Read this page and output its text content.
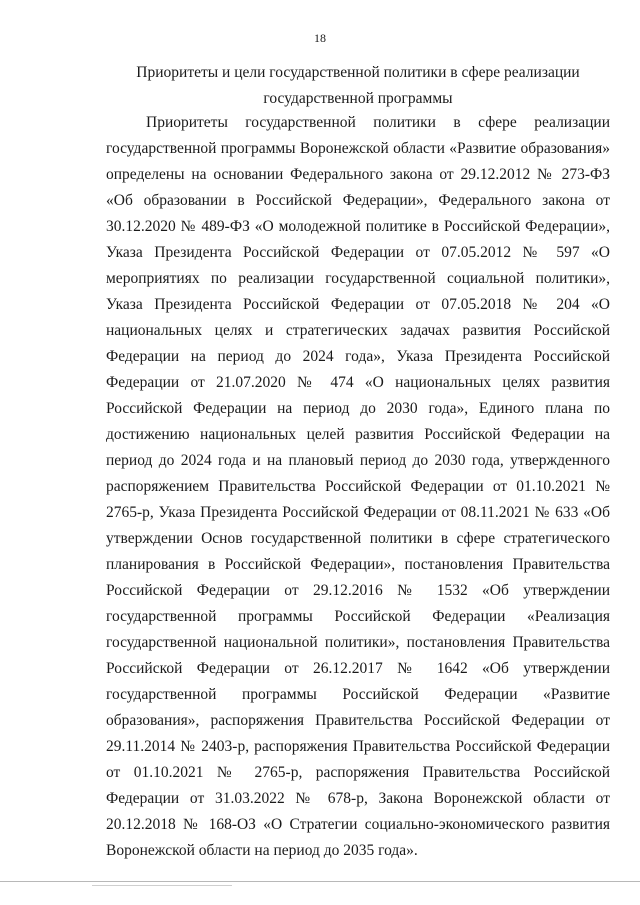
18
Приоритеты и цели государственной политики в сфере реализации государственной программы

Приоритеты государственной политики в сфере реализации государственной программы Воронежской области «Развитие образования» определены на основании Федерального закона от 29.12.2012 № 273-ФЗ «Об образовании в Российской Федерации», Федерального закона от 30.12.2020 № 489-ФЗ «О молодежной политике в Российской Федерации», Указа Президента Российской Федерации от 07.05.2012 № 597 «О мероприятиях по реализации государственной социальной политики», Указа Президента Российской Федерации от 07.05.2018 № 204 «О национальных целях и стратегических задачах развития Российской Федерации на период до 2024 года», Указа Президента Российской Федерации от 21.07.2020 № 474 «О национальных целях развития Российской Федерации на период до 2030 года», Единого плана по достижению национальных целей развития Российской Федерации на период до 2024 года и на плановый период до 2030 года, утвержденного распоряжением Правительства Российской Федерации от 01.10.2021 № 2765-р, Указа Президента Российской Федерации от 08.11.2021 № 633 «Об утверждении Основ государственной политики в сфере стратегического планирования в Российской Федерации», постановления Правительства Российской Федерации от 29.12.2016 № 1532 «Об утверждении государственной программы Российской Федерации «Реализация государственной национальной политики», постановления Правительства Российской Федерации от 26.12.2017 № 1642 «Об утверждении государственной программы Российской Федерации «Развитие образования», распоряжения Правительства Российской Федерации от 29.11.2014 № 2403-р, распоряжения Правительства Российской Федерации от 01.10.2021 № 2765-р, распоряжения Правительства Российской Федерации от 31.03.2022 № 678-р, Закона Воронежской области от 20.12.2018 № 168-ОЗ «О Стратегии социально-экономического развития Воронежской области на период до 2035 года».
